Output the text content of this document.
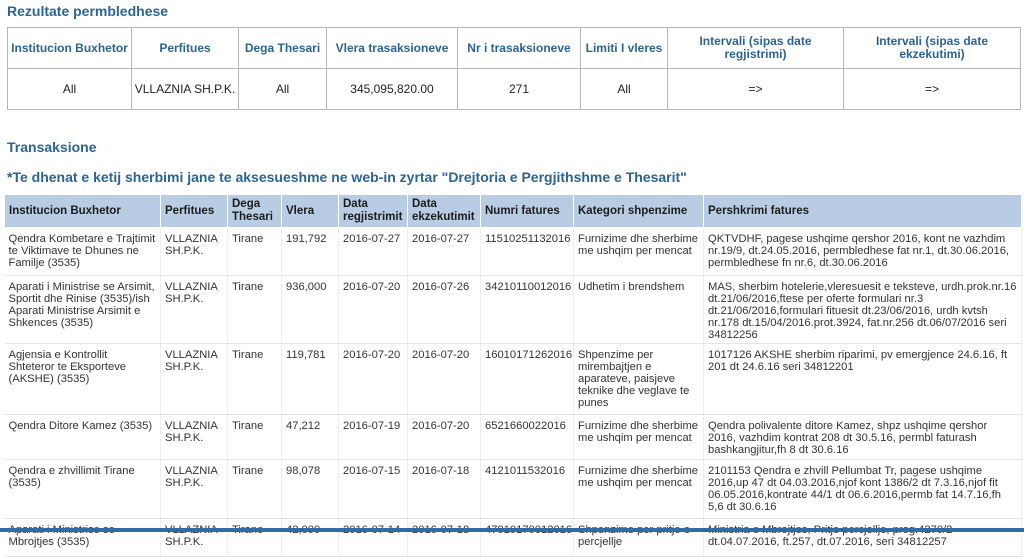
Rezultate permbledhese
Institucion Buxhetor	Perfitues	Dega Thesari	Vlera trasaksioneve	Nr i trasaksioneve	Limiti I vleres	Intervali (sipas date regjistrimi)	Intervali (sipas date ekzekutimi)
All	VLLAZNIA SH.P.K.	All	345,095,820.00	271	All	=>	=>
Transaksione

*Te dhenat e ketij sherbimi jane te aksesueshme ne web-in zyrtar "Drejtoria e Pergjithshme e Thesarit"

Institucion Buxhetor	Perfitues	Dega Thesari	Vlera	Data regjistrimit	Data ekzekutimit	Numri fatures	Kategori shpenzime	Pershkrimi fatures
Qendra Kombetare e Trajtimit te Viktimave te Dhunes ne Familje (3535)	VLLAZNIA SH.P.K.	Tirane	191,792	2016-07-27	2016-07-27	11510251132016	Furnizime dhe sherbime me ushqim per mencat	QKTVDHF, pagese ushqime qershor 2016, kont ne vazhdim nr.19/9, dt.24.05.2016, permbledhese fat nr.1, dt.30.06.2016, permbledhese fn nr.6, dt.30.06.2016
Aparati i Ministrise se Arsimit, Sportit dhe Rinise (3535)/ish Aparati Ministrise Arsimit e Shkences (3535)	VLLAZNIA SH.P.K.	Tirane	936,000	2016-07-20	2016-07-26	34210110012016	Udhetim i brendshem	MAS, sherbim hotelerie,vleresuesit e teksteve, urdh.prok.nr.16 dt.21/06/2016,ftese per oferte formulari nr.3 dt.21/06/2016,formulari fituesit dt.23/06/2016, urdh kvtsh nr.178 dt.15/04/2016.prot.3924, fat.nr.256 dt.06/07/2016 seri 34812256
Agjensia e Kontrollit Shteteror te Eksporteve (AKSHE) (3535)	VLLAZNIA SH.P.K.	Tirane	119,781	2016-07-20	2016-07-20	16010171262016	Shpenzime per mirembajtjen e aparateve, paisjeve teknike dhe veglave te punes	1017126 AKSHE sherbim riparimi, pv emergjence 24.6.16, ft 201 dt 24.6.16 seri 34812201
Qendra Ditore Kamez (3535)	VLLAZNIA SH.P.K.	Tirane	47,212	2016-07-19	2016-07-20	6521660022016	Furnizime dhe sherbime me ushqim per mencat	Qendra polivalente ditore Kamez, shpz ushqime qershor 2016, vazhdim kontrat 208 dt 30.5.16, permbl faturash bashkangjitur,fh 8 dt 30.6.16
Qendra e zhvillimit Tirane (3535)	VLLAZNIA SH.P.K.	Tirane	98,078	2016-07-15	2016-07-18	4121011532016	Furnizime dhe sherbime me ushqim per mencat	2101153 Qendra e zhvill Pellumbat Tr, pagese ushqime 2016,up 47 dt 04.03.2016,njof kont 1386/2 dt 7.3.16,njof fit 06.05.2016,kontrate 44/1 dt 06.6.2016,permb fat 14.7.16,fh 5,6 dt 30.6.16
Mbrojtjes (3535)	SH.P.K.						percjellje	dt.04.07.2016, ft.257, dt.07.2016, seri 34812257
